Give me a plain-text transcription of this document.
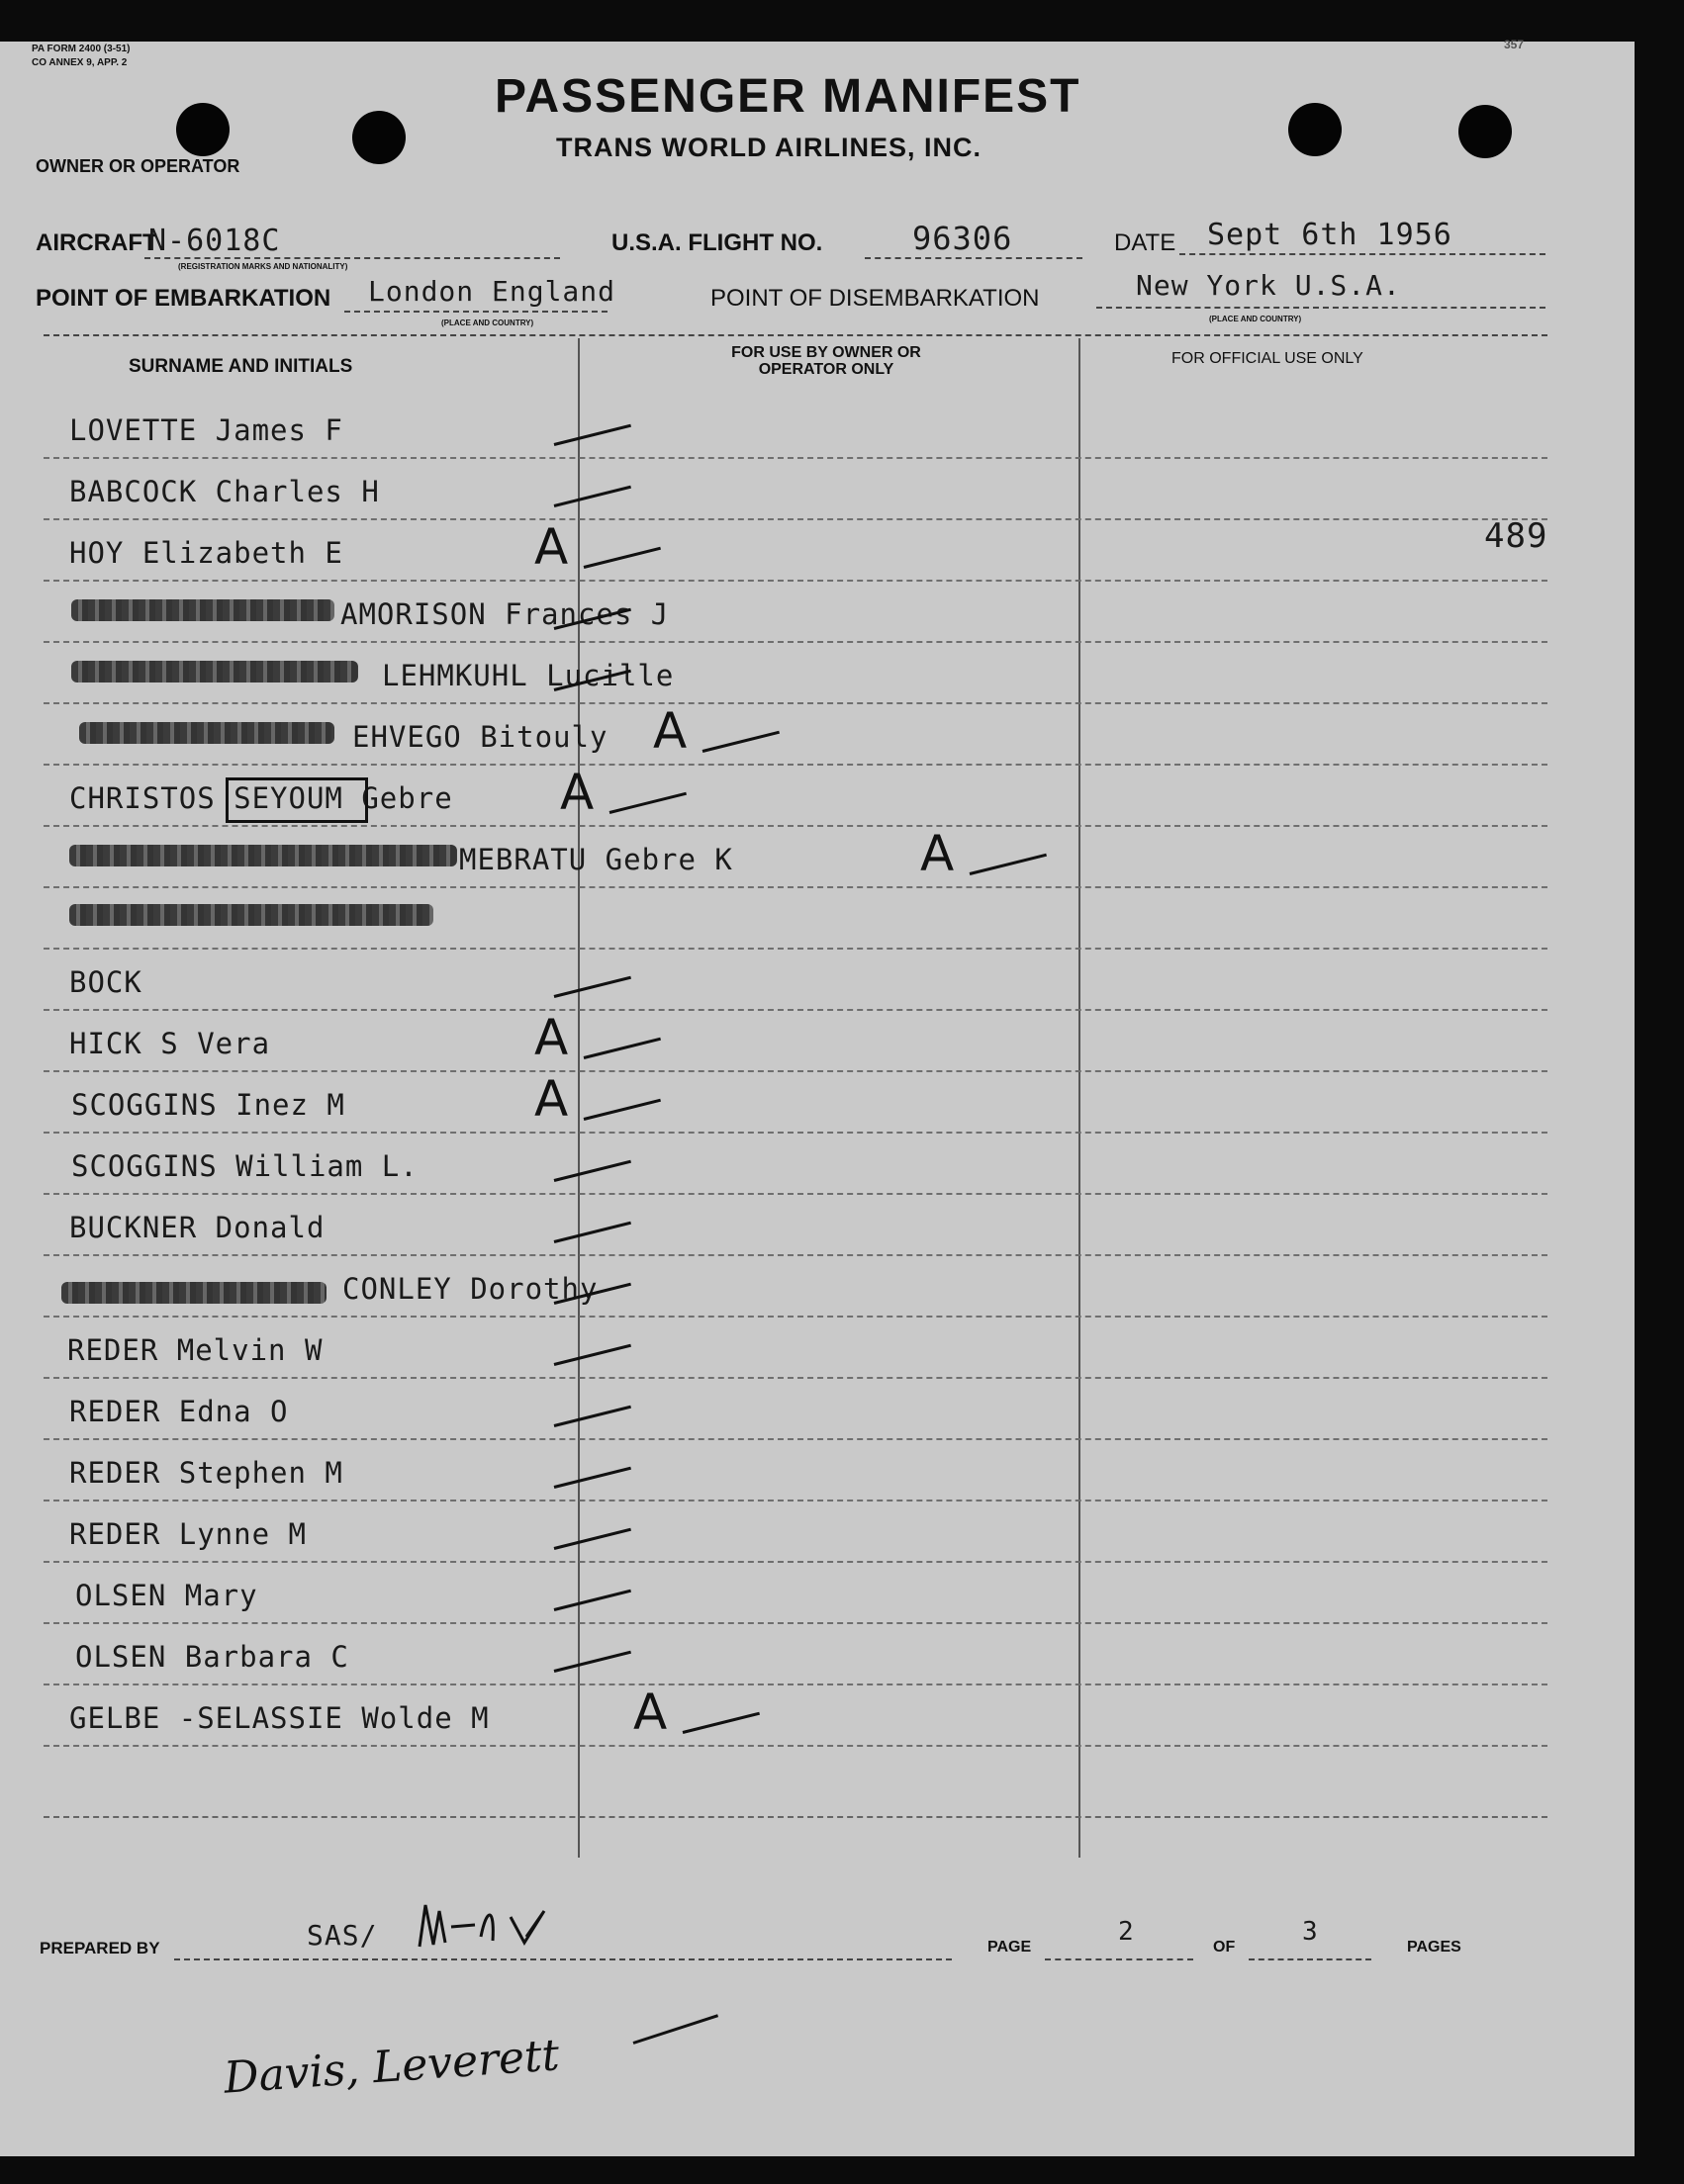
PA FORM 2400 (3-51)
CO ANNEX 9, APP. 2
357
PASSENGER MANIFEST
TRANS WORLD AIRLINES, INC.
OWNER OR OPERATOR
AIRCRAFT
N-6018C
(REGISTRATION MARKS AND NATIONALITY)
U.S.A. FLIGHT NO.	96306	DATE Sept 6th 1956
POINT OF EMBARKATION London England
(PLACE AND COUNTRY)
POINT OF DISEMBARKATION	New York U.S.A.
(PLACE AND COUNTRY)
SURNAME AND INITIALS
FOR USE BY OWNER OR OPERATOR ONLY
FOR OFFICIAL USE ONLY
489
LOVETTE James F
BABCOCK Charles H
HOY Elizabeth E	A
AMORISON Frances J
LEHMKUHL Lucille
EHVEGO Bitouly A
CHRISTOS SEYOUM Gebre A
MEBRATU Gebre K	A
BOCK
HICK S Vera	A
SCOGGINS Inez M	A
SCOGGINS William L.
BUCKNER Donald
CONLEY Dorothy
REDER Melvin W
REDER Edna O
REDER Stephen M
REDER Lynne M
OLSEN Mary
OLSEN Barbara C
GELBE -SELASSIE Wolde M	A
PREPARED BY	SAS/	PAGE
2
OF
3
PAGES
Davis, Leverett
